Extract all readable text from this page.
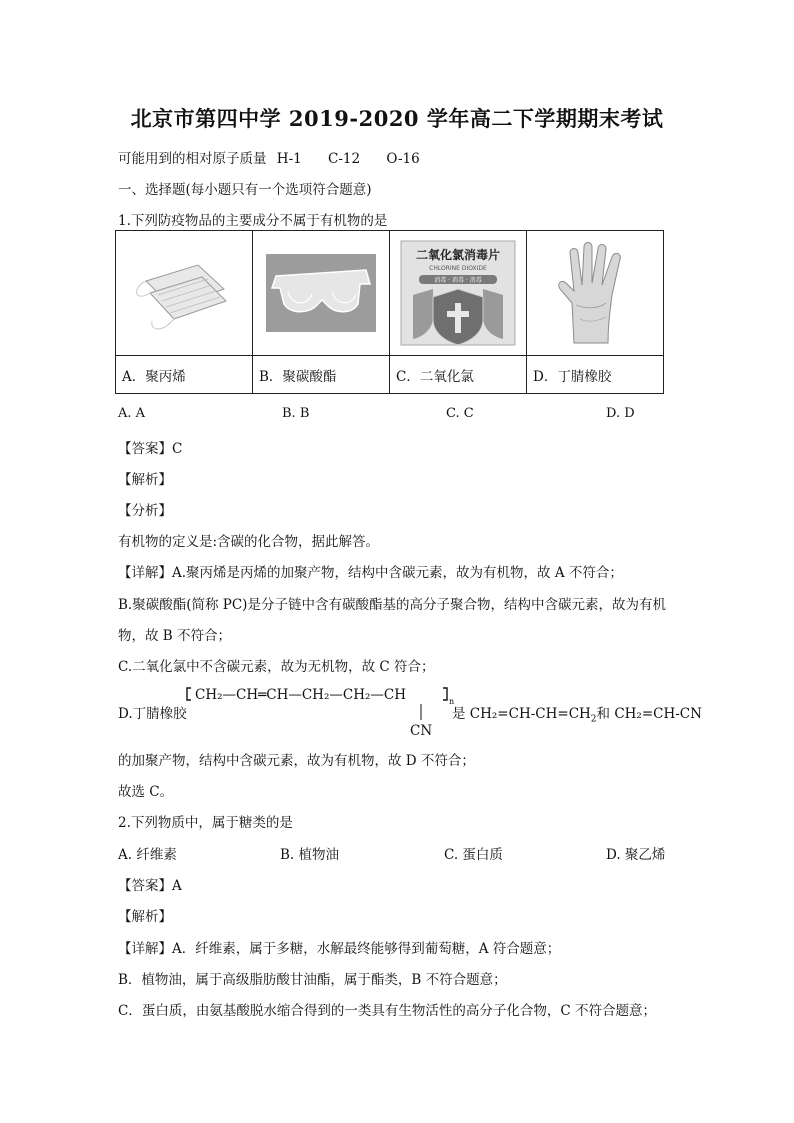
北京市第四中学 2019-2020 学年高二下学期期末考试
可能用到的相对原子质量 H-1 C-12 O-16
一、选择题(每小题只有一个选项符合题意)
1.下列防疫物品的主要成分不属于有机物的是

二氧化氯消毒片
CHLORINE DIOXIDE
消毒 · 消毒 · 消毒

A．聚丙烯	B．聚碳酸酯	C．二氧化氯	D．丁腈橡胶
A. A	B. B	C. C	D. D
【答案】C
【解析】
【分析】
有机物的定义是:含碳的化合物，据此解答。
【详解】A.聚丙烯是丙烯的加聚产物，结构中含碳元素，故为有机物，故 A 不符合；
B.聚碳酸酯(简称 PC)是分子链中含有碳酸酯基的高分子聚合物，结构中含碳元素，故为有机
物，故 B 不符合；
C.二氧化氯中不含碳元素，故为无机物，故 C 符合；
D.丁腈橡胶
CH₂—CH═CH—CH₂—CH₂—CH
CN
n
是 $CH_2=CH-CH=CH_2$和 CH₂=CH-CN
的加聚产物，结构中含碳元素，故为有机物，故 D 不符合；
故选 C。
2.下列物质中，属于糖类的是
A. 纤维素	B. 植物油	C. 蛋白质	D. 聚乙烯
【答案】A
【解析】
【详解】A．纤维素，属于多糖，水解最终能够得到葡萄糖，A 符合题意；
B．植物油，属于高级脂肪酸甘油酯，属于酯类，B 不符合题意；
C．蛋白质，由氨基酸脱水缩合得到的一类具有生物活性的高分子化合物，C 不符合题意；
